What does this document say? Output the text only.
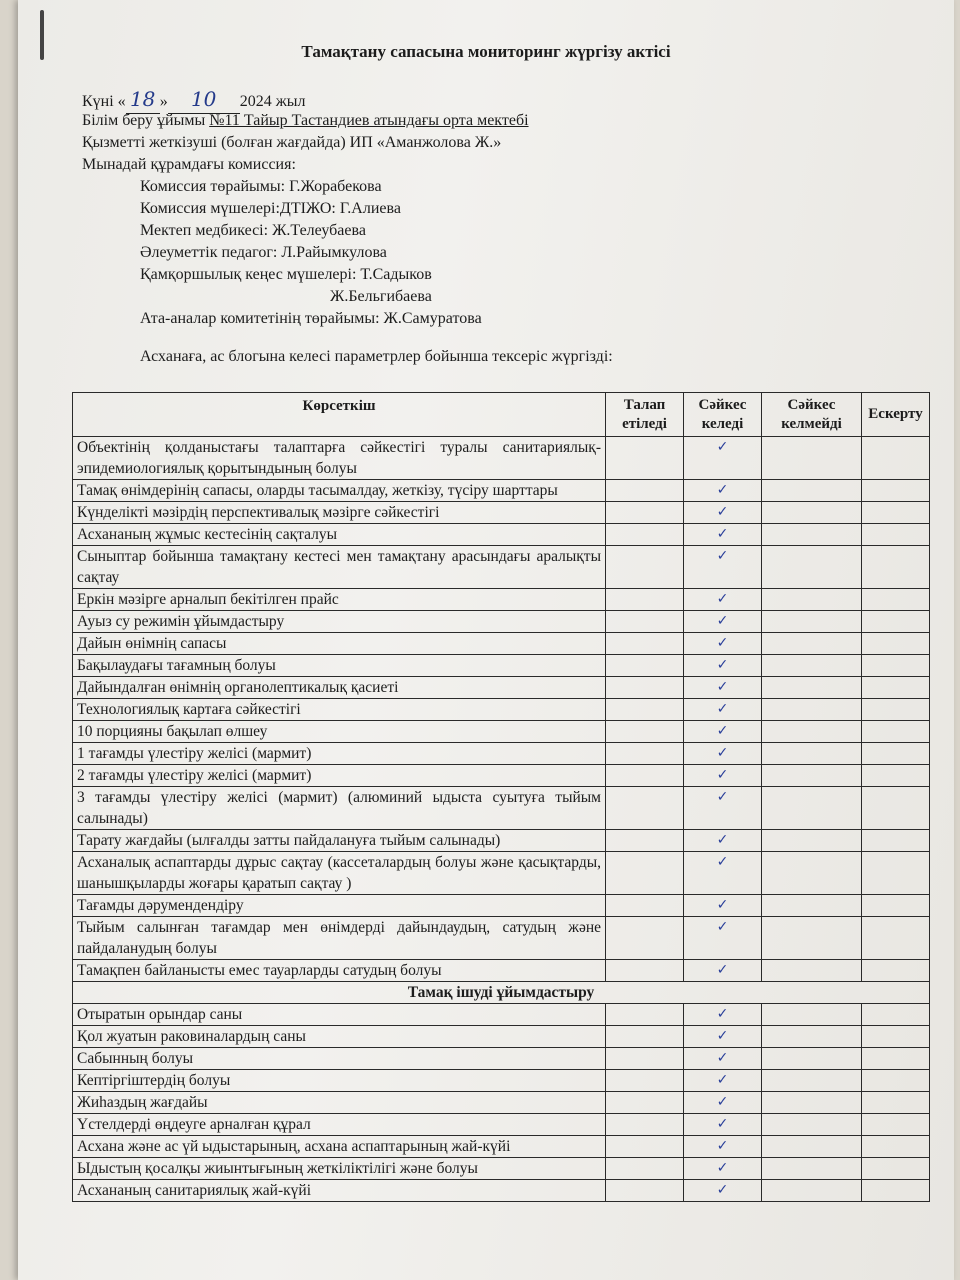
Тамақтану сапасына мониторинг жүргізу актісі
Күні « 18 » 10 2024 жыл
Білім беру ұйымы №11 Тайыр Тастандиев атындағы орта мектебі
Қызметті жеткізуші (болған жағдайда) ИП «Аманжолова Ж.»
Мынадай құрамдағы комиссия:
Комиссия төрайымы: Г.Жорабекова
Комиссия мүшелері:ДТІЖО: Г.Алиева
Мектеп медбикесі: Ж.Телеубаева
Әлеуметтік педагог: Л.Райымкулова
Қамқоршылық кеңес мүшелері: Т.Садыков
Ж.Бельгибаева
Ата-аналар комитетінің төрайымы: Ж.Самуратова
Асханаға, ас блогына келесі параметрлер бойынша тексеріс жүргізді:
Көрсеткіш	Талап етіледі	Сәйкес келеді	Сәйкес келмейді	Ескерту
Объектінің қолданыстағы талаптарға сәйкестігі туралы санитариялық-эпидемиологиялық қорытындының болуы		✓		
Тамақ өнімдерінің сапасы, оларды тасымалдау, жеткізу, түсіру шарттары		✓		
Күнделікті мәзірдің перспективалық мәзірге сәйкестігі		✓		
Асхананың жұмыс кестесінің сақталуы		✓		
Сыныптар бойынша тамақтану кестесі мен тамақтану арасындағы аралықты сақтау		✓		
Еркін мәзірге арналып бекітілген прайс		✓		
Ауыз су режимін ұйымдастыру		✓		
Дайын өнімнің сапасы		✓		
Бақылаудағы тағамның болуы		✓		
Дайындалған өнімнің органолептикалық қасиеті		✓		
Технологиялық картаға сәйкестігі		✓		
10 порцияны бақылап өлшеу		✓		
1 тағамды үлестіру желісі (мармит)		✓		
2 тағамды үлестіру желісі (мармит)		✓		
3 тағамды үлестіру желісі (мармит) (алюминий ыдыста суытуға тыйым салынады)		✓		
Тарату жағдайы (ылғалды затты пайдалануға тыйым салынады)		✓		
Асханалық аспаптарды дұрыс сақтау (кассеталардың болуы және қасықтарды, шанышқыларды жоғары қаратып сақтау )		✓		
Тағамды дәрумендендіру		✓		
Тыйым салынған тағамдар мен өнімдерді дайындаудың, сатудың және пайдаланудың болуы		✓		
Тамақпен байланысты емес тауарларды сатудың болуы		✓		
Тамақ ішуді ұйымдастыру				
Отыратын орындар саны		✓		
Қол жуатын раковиналардың саны		✓		
Сабынның болуы		✓		
Кептіргіштердің болуы		✓		
Жиһаздың жағдайы		✓		
Үстелдерді өңдеуге арналған құрал		✓		
Асхана және ас үй ыдыстарының, асхана аспаптарының жай-күйі		✓		
Ыдыстың қосалқы жиынтығының жеткіліктілігі және болуы		✓		
Асхананың санитариялық жай-күйі		✓		
